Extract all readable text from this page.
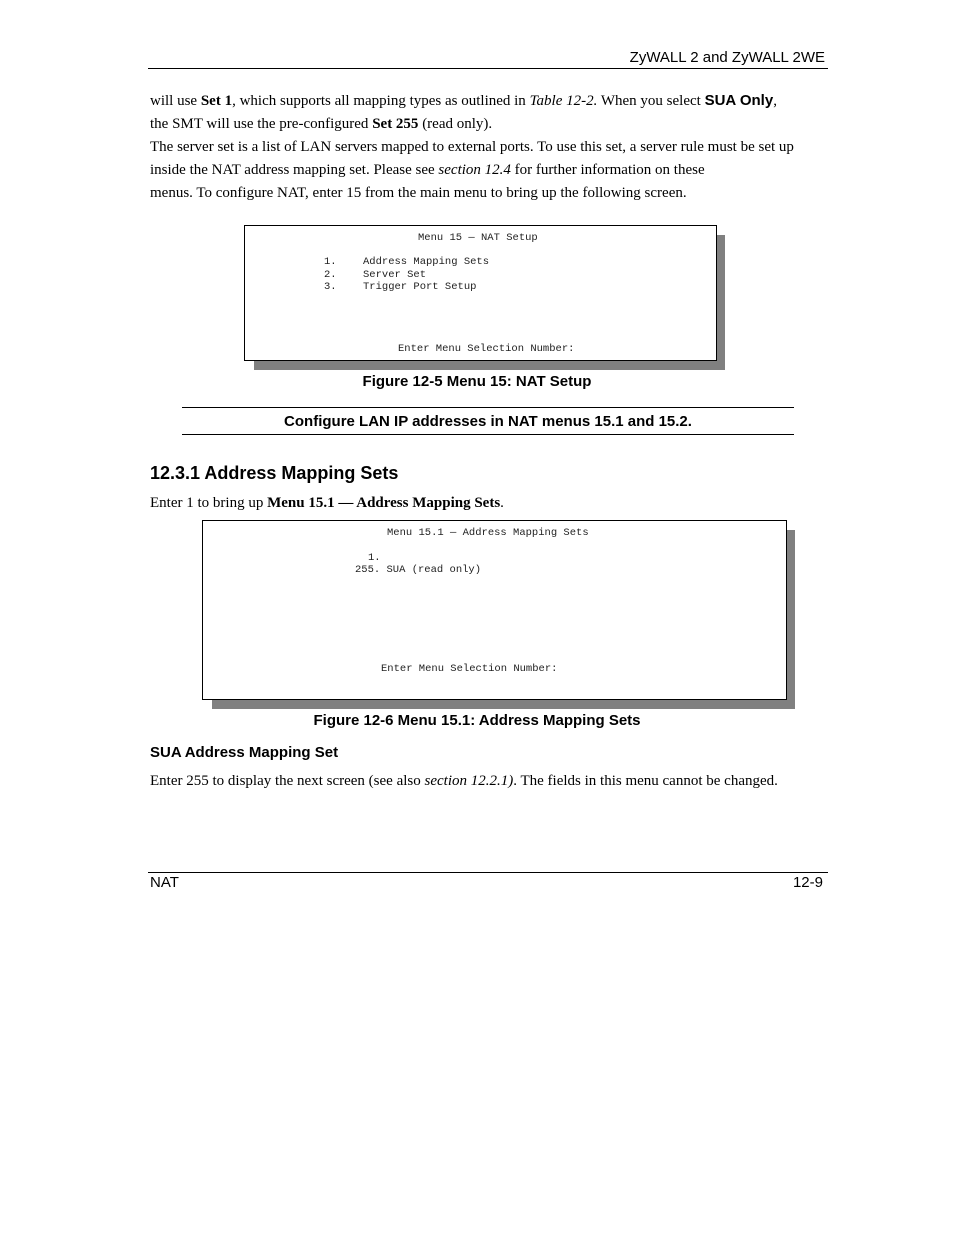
ZyWALL 2 and ZyWALL 2WE
will use Set 1, which supports all mapping types as outlined in Table 12-2. When you select SUA Only,
the SMT will use the pre-configured Set 255 (read only).
The server set is a list of LAN servers mapped to external ports. To use this set, a server rule must be set up
inside the NAT address mapping set. Please see section 12.4 for further information on these
menus. To configure NAT, enter 15 from the main menu to bring up the following screen.
Menu 15 — NAT Setup
1.	Address Mapping Sets
2.	Server Set
3.	Trigger Port Setup
Enter Menu Selection Number:
Figure 12-5 Menu 15: NAT Setup
Configure LAN IP addresses in NAT menus 15.1 and 15.2.
12.3.1 Address Mapping Sets
Enter 1 to bring up Menu 15.1 — Address Mapping Sets.
Menu 15.1 — Address Mapping Sets
1.
255. SUA (read only)
Enter Menu Selection Number:
Figure 12-6 Menu 15.1: Address Mapping Sets
SUA Address Mapping Set
Enter 255 to display the next screen (see also section 12.2.1). The fields in this menu cannot be changed.
NAT	12-9
